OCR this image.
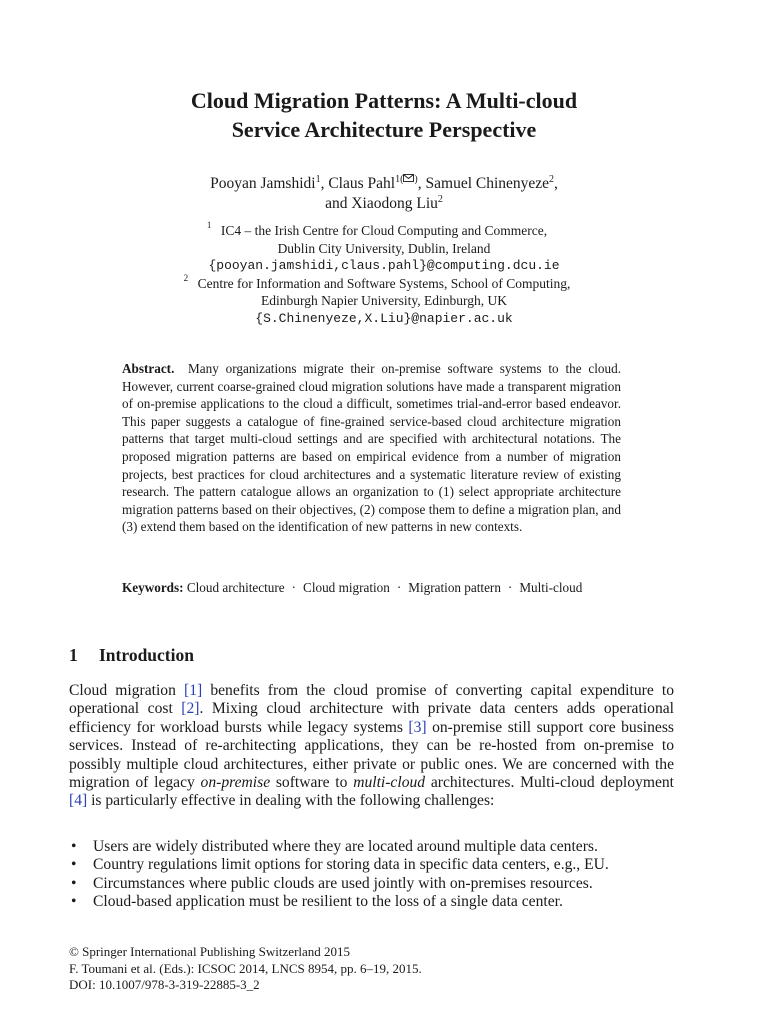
Cloud Migration Patterns: A Multi-cloud
Service Architecture Perspective
Pooyan Jamshidi$^1$, Claus Pahl$^{1( )}$, Samuel Chinenyeze$^2$,
and Xiaodong Liu$^2$
1 IC4 – the Irish Centre for Cloud Computing and Commerce,
Dublin City University, Dublin, Ireland
{pooyan.jamshidi,claus.pahl}@computing.dcu.ie
2 Centre for Information and Software Systems, School of Computing,
Edinburgh Napier University, Edinburgh, UK
{S.Chinenyeze,X.Liu}@napier.ac.uk
Abstract. Many organizations migrate their on-premise software systems to the cloud. However, current coarse-grained cloud migration solutions have made a transparent migration of on-premise applications to the cloud a difficult, sometimes trial-and-error based endeavor. This paper suggests a catalogue of fine-grained service-based cloud architecture migration patterns that target multi-cloud settings and are specified with architectural notations. The proposed migration patterns are based on empirical evidence from a number of migration projects, best practices for cloud architectures and a systematic literature review of existing research. The pattern catalogue allows an organization to (1) select appropriate architecture migration patterns based on their objectives, (2) compose them to define a migration plan, and (3) extend them based on the identification of new patterns in new contexts.
Keywords: Cloud architecture · Cloud migration · Migration pattern · Multi-cloud
1 Introduction
Cloud migration [1] benefits from the cloud promise of converting capital expenditure to operational cost [2]. Mixing cloud architecture with private data centers adds operational efficiency for workload bursts while legacy systems [3] on-premise still support core business services. Instead of re-architecting applications, they can be re-hosted from on-premise to possibly multiple cloud architectures, either private or public ones. We are concerned with the migration of legacy on-premise software to multi-cloud architectures. Multi-cloud deployment [4] is particularly effective in dealing with the following challenges:
• Users are widely distributed where they are located around multiple data centers.
• Country regulations limit options for storing data in specific data centers, e.g., EU.
• Circumstances where public clouds are used jointly with on-premises resources.
• Cloud-based application must be resilient to the loss of a single data center.
© Springer International Publishing Switzerland 2015
F. Toumani et al. (Eds.): ICSOC 2014, LNCS 8954, pp. 6–19, 2015.
DOI: 10.1007/978-3-319-22885-3_2
